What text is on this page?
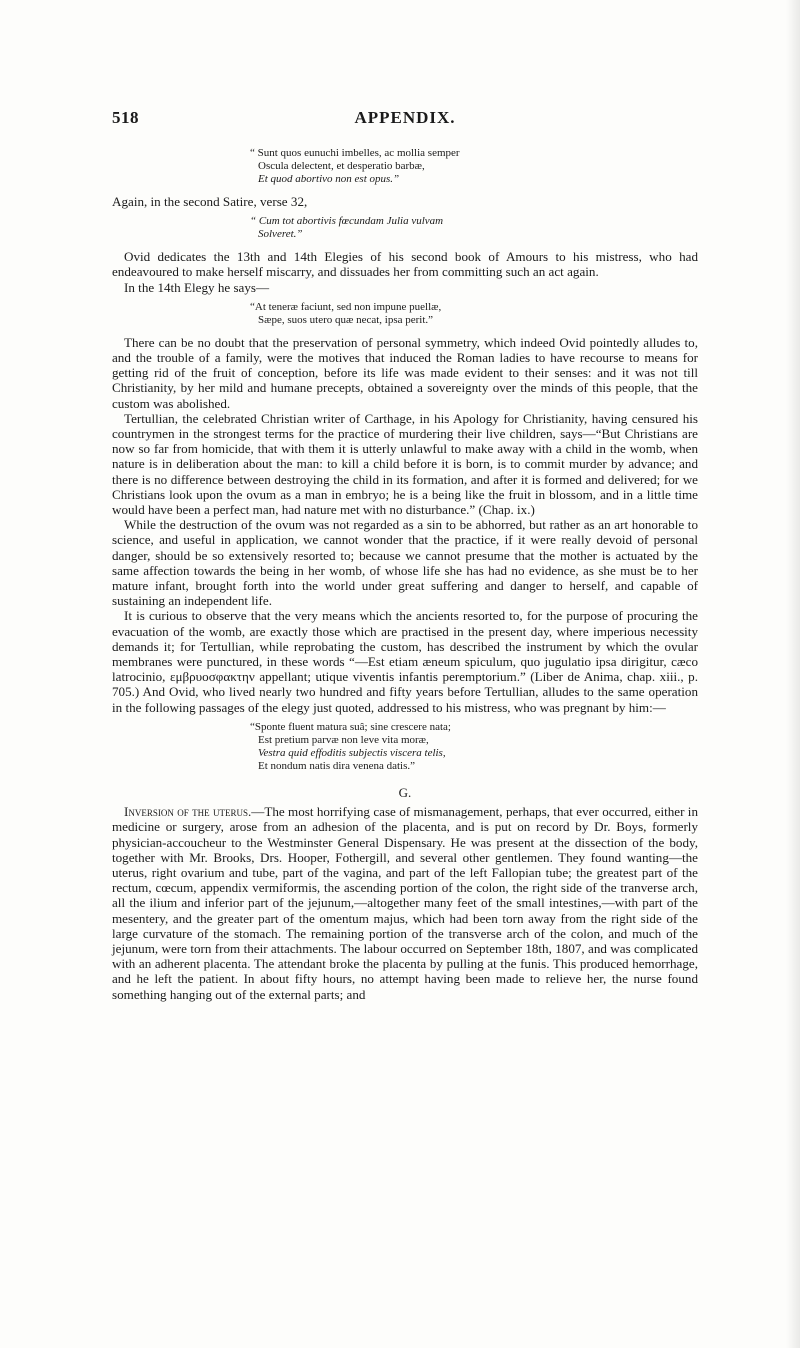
518	APPENDIX.
“ Sunt quos eunuchi imbelles, ac mollia semper
Oscula delectent, et desperatio barbæ,
Et quod abortivo non est opus.”

Again, in the second Satire, verse 32,

“ Cum tot abortivis fœcundam Julia vulvam
Solveret.”

Ovid dedicates the 13th and 14th Elegies of his second book of Amours to his mistress, who had endeavoured to make herself miscarry, and dissuades her from committing such an act again.

In the 14th Elegy he says—

“At teneræ faciunt, sed non impune puellæ,
Sæpe, suos utero quæ necat, ipsa perit.”

There can be no doubt that the preservation of personal symmetry, which indeed Ovid pointedly alludes to, and the trouble of a family, were the motives that induced the Roman ladies to have recourse to means for getting rid of the fruit of conception, before its life was made evident to their senses: and it was not till Christianity, by her mild and humane precepts, obtained a sovereignty over the minds of this people, that the custom was abolished.

Tertullian, the celebrated Christian writer of Carthage, in his Apology for Christianity, having censured his countrymen in the strongest terms for the practice of murdering their live children, says—“But Christians are now so far from homicide, that with them it is utterly unlawful to make away with a child in the womb, when nature is in deliberation about the man: to kill a child before it is born, is to commit murder by advance; and there is no difference between destroying the child in its formation, and after it is formed and delivered; for we Christians look upon the ovum as a man in embryo; he is a being like the fruit in blossom, and in a little time would have been a perfect man, had nature met with no disturbance.” (Chap. ix.)

While the destruction of the ovum was not regarded as a sin to be abhorred, but rather as an art honorable to science, and useful in application, we cannot wonder that the practice, if it were really devoid of personal danger, should be so extensively resorted to; because we cannot presume that the mother is actuated by the same affection towards the being in her womb, of whose life she has had no evidence, as she must be to her mature infant, brought forth into the world under great suffering and danger to herself, and capable of sustaining an independent life.

It is curious to observe that the very means which the ancients resorted to, for the purpose of procuring the evacuation of the womb, are exactly those which are practised in the present day, where imperious necessity demands it; for Tertullian, while reprobating the custom, has described the instrument by which the ovular membranes were punctured, in these words “—Est etiam æneum spiculum, quo jugulatio ipsa dirigitur, cæco latrocinio, εμβρυοσφακτην appellant; utique viventis infantis peremptorium.” (Liber de Anima, chap. xiii., p. 705.) And Ovid, who lived nearly two hundred and fifty years before Tertullian, alludes to the same operation in the following passages of the elegy just quoted, addressed to his mistress, who was pregnant by him:—

“Sponte fluent matura suâ; sine crescere nata;
Est pretium parvæ non leve vita moræ,
Vestra quid effoditis subjectis viscera telis,
Et nondum natis dira venena datis.”
G.

Inversion of the uterus.—The most horrifying case of mismanagement, perhaps, that ever occurred, either in medicine or surgery, arose from an adhesion of the placenta, and is put on record by Dr. Boys, formerly physician-accoucheur to the Westminster General Dispensary. He was present at the dissection of the body, together with Mr. Brooks, Drs. Hooper, Fothergill, and several other gentlemen. They found wanting—the uterus, right ovarium and tube, part of the vagina, and part of the left Fallopian tube; the greatest part of the rectum, cœcum, appendix vermiformis, the ascending portion of the colon, the right side of the tranverse arch, all the ilium and inferior part of the jejunum,—altogether many feet of the small intestines,—with part of the mesentery, and the greater part of the omentum majus, which had been torn away from the right side of the large curvature of the stomach. The remaining portion of the transverse arch of the colon, and much of the jejunum, were torn from their attachments. The labour occurred on September 18th, 1807, and was complicated with an adherent placenta. The attendant broke the placenta by pulling at the funis. This produced hemorrhage, and he left the patient. In about fifty hours, no attempt having been made to relieve her, the nurse found something hanging out of the external parts; and
